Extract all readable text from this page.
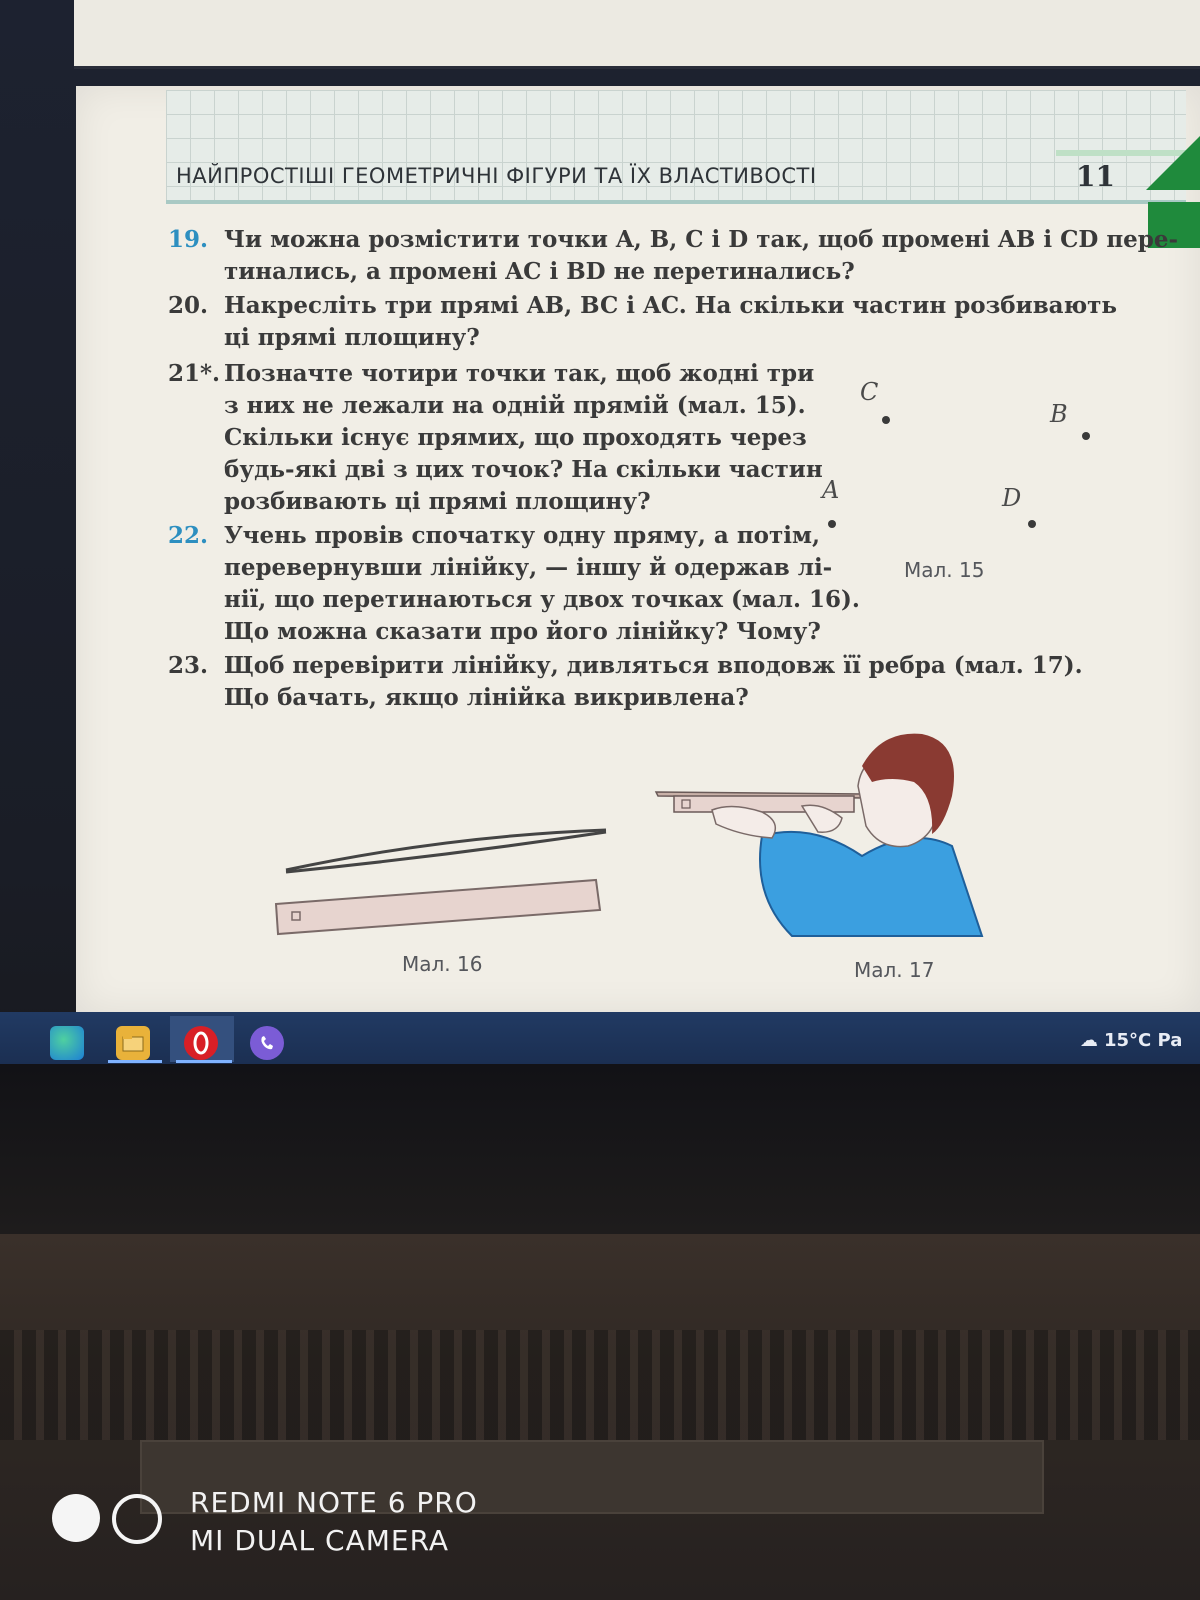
НАЙПРОСТІШІ ГЕОМЕТРИЧНІ ФІГУРИ ТА ЇХ ВЛАСТИВОСТІ	11
19. Чи можна розмістити точки A, B, C і D так, щоб промені AB і CD пере-
тинались, а промені AC і BD не перетинались?
20. Накресліть три прямі AB, BC і AC. На скільки частин розбивають
ці прямі площину?
21*. Позначте чотири точки так, щоб жодні три
з них не лежали на одній прямій (мал. 15).
Скільки існує прямих, що проходять через
будь-які дві з цих точок? На скільки частин
розбивають ці прямі площину?
22. Учень провів спочатку одну пряму, а потім,
перевернувши лінійку, — іншу й одержав лі-
нії, що перетинаються у двох точках (мал. 16).
Що можна сказати про його лінійку? Чому?
23. Щоб перевірити лінійку, дивляться вподовж її ребра (мал. 17).
Що бачать, якщо лінійка викривлена?
C
B
A	D
Мал. 15
Мал. 16	Мал. 17
☁ 15°C Pa
REDMI NOTE 6 PRO
MI DUAL CAMERA
